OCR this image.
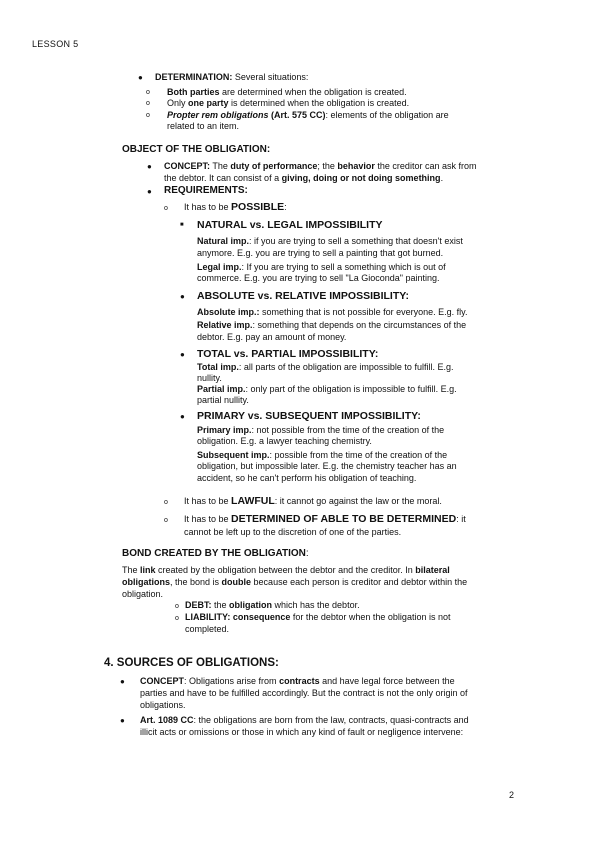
LESSON 5
● DETERMINATION: Several situations:
o Both parties are determined when the obligation is created.
o Only one party is determined when the obligation is created.
o Propter rem obligations (Art. 575 CC): elements of the obligation are
related to an item.
OBJECT OF THE OBLIGATION:
● CONCEPT: The duty of performance; the behavior the creditor can ask from
the debtor. It can consist of a giving, doing or not doing something.
● REQUIREMENTS:
o It has to be POSSIBLE:
■ NATURAL vs. LEGAL IMPOSSIBILITY
Natural imp.: if you are trying to sell a something that doesn't exist
anymore. E.g. you are trying to sell a painting that got burned.
Legal imp.: If you are trying to sell a something which is out of
commerce. E.g. you are trying to sell "La Gioconda" painting.
● ABSOLUTE vs. RELATIVE IMPOSSIBILITY:
Absolute imp.: something that is not possible for everyone. E.g. fly.
Relative imp.: something that depends on the circumstances of the
debtor. E.g. pay an amount of money.
● TOTAL vs. PARTIAL IMPOSSIBILITY:
Total imp.: all parts of the obligation are impossible to fulfill. E.g.
nullity.
Partial imp.: only part of the obligation is impossible to fulfill. E.g.
partial nullity.
● PRIMARY vs. SUBSEQUENT IMPOSSIBILITY:
Primary imp.: not possible from the time of the creation of the
obligation. E.g. a lawyer teaching chemistry.
Subsequent imp.: possible from the time of the creation of the
obligation, but impossible later. E.g. the chemistry teacher has an
accident, so he can't perform his obligation of teaching.
o It has to be LAWFUL: it cannot go against the law or the moral.
o It has to be DETERMINED OF ABLE TO BE DETERMINED: it
cannot be left up to the discretion of one of the parties.
BOND CREATED BY THE OBLIGATION:
The link created by the obligation between the debtor and the creditor. In bilateral
obligations, the bond is double because each person is creditor and debtor within the
obligation.
o DEBT: the obligation which has the debtor.
o LIABILITY: consequence for the debtor when the obligation is not
completed.
4. SOURCES OF OBLIGATIONS:
● CONCEPT: Obligations arise from contracts and have legal force between the
parties and have to be fulfilled accordingly. But the contract is not the only origin of
obligations.
● Art. 1089 CC: the obligations are born from the law, contracts, quasi-contracts and
illicit acts or omissions or those in which any kind of fault or negligence intervene:
2
